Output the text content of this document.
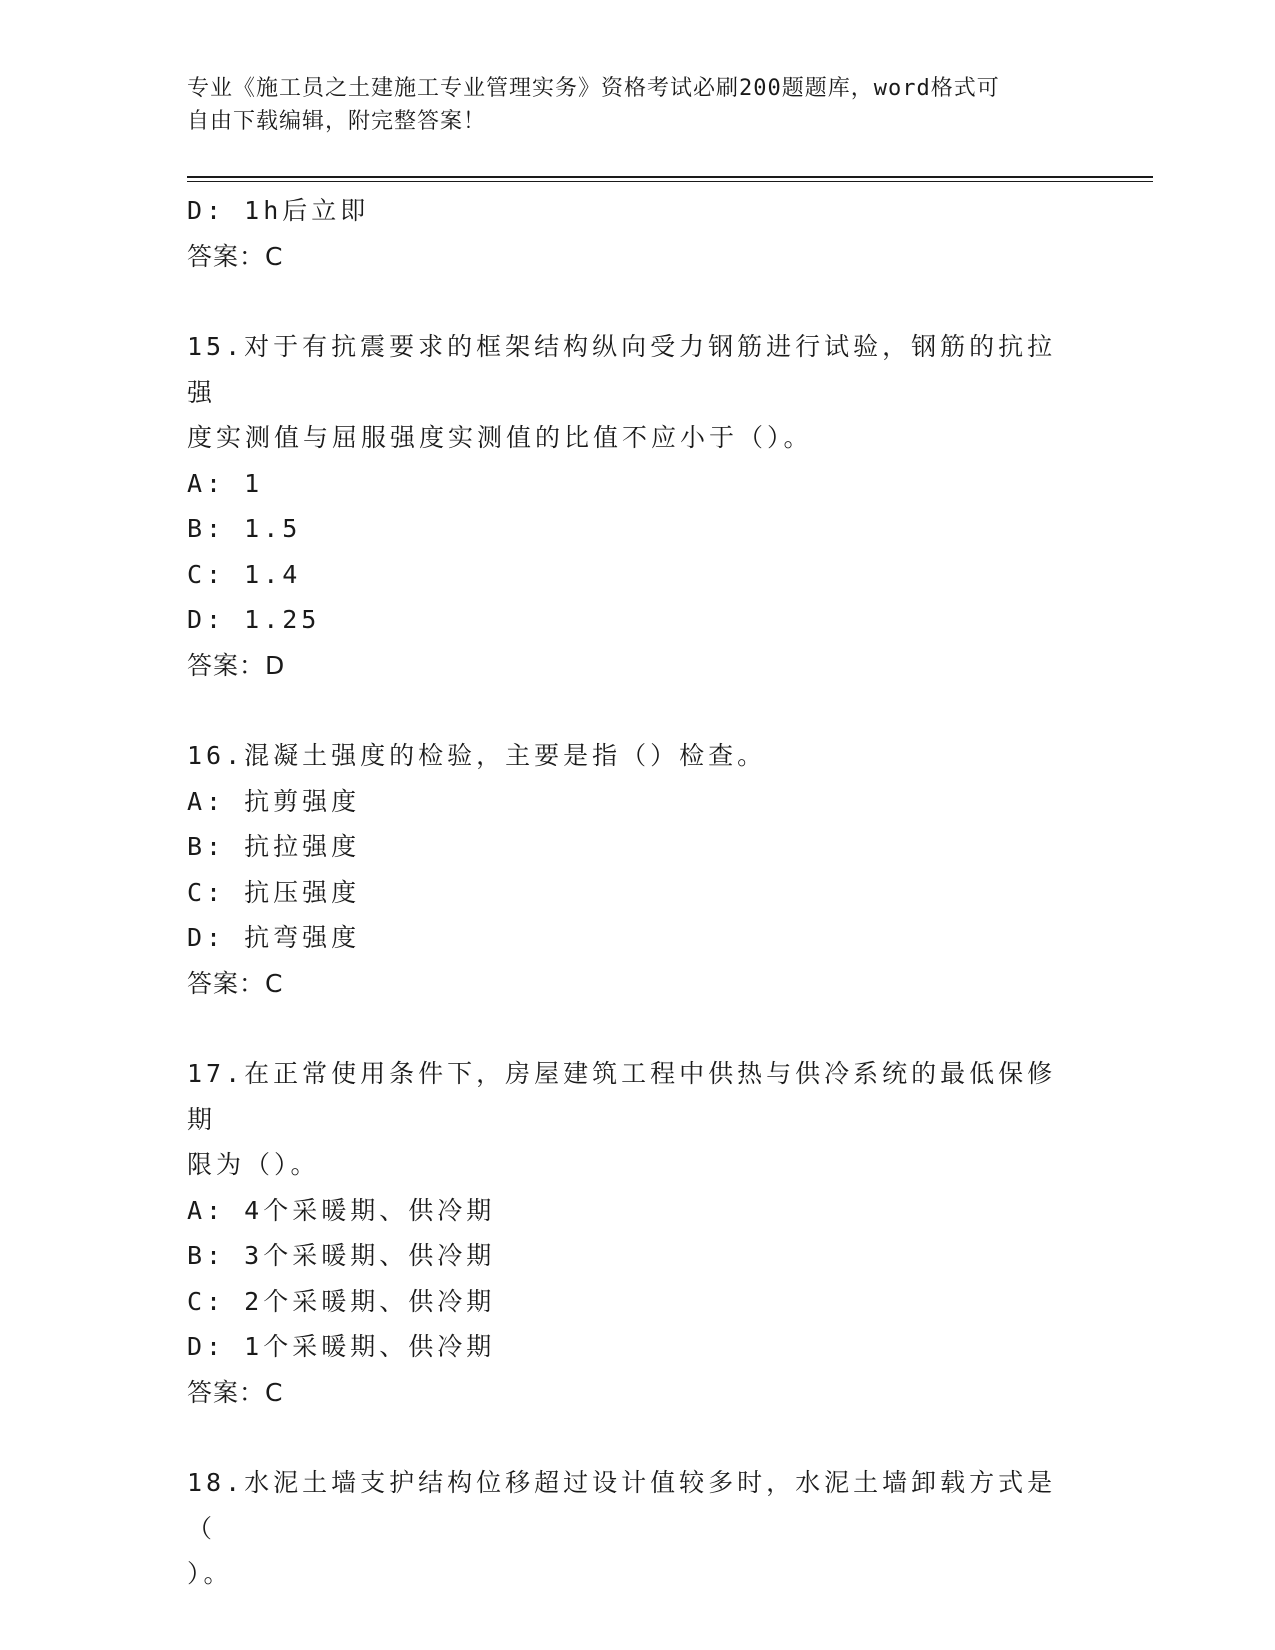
专业《施工员之土建施工专业管理实务》资格考试必刷200题题库，word格式可
自由下载编辑，附完整答案！
D: 1h后立即
答案：C
15.对于有抗震要求的框架结构纵向受力钢筋进行试验，钢筋的抗拉强
度实测值与屈服强度实测值的比值不应小于（）。
A: 1
B: 1.5
C: 1.4
D: 1.25
答案：D
16.混凝土强度的检验，主要是指（）检查。
A: 抗剪强度
B: 抗拉强度
C: 抗压强度
D: 抗弯强度
答案：C
17.在正常使用条件下，房屋建筑工程中供热与供冷系统的最低保修期
限为（）。
A: 4个采暖期、供冷期
B: 3个采暖期、供冷期
C: 2个采暖期、供冷期
D: 1个采暖期、供冷期
答案：C
18.水泥土墙支护结构位移超过设计值较多时，水泥土墙卸载方式是（
）。
